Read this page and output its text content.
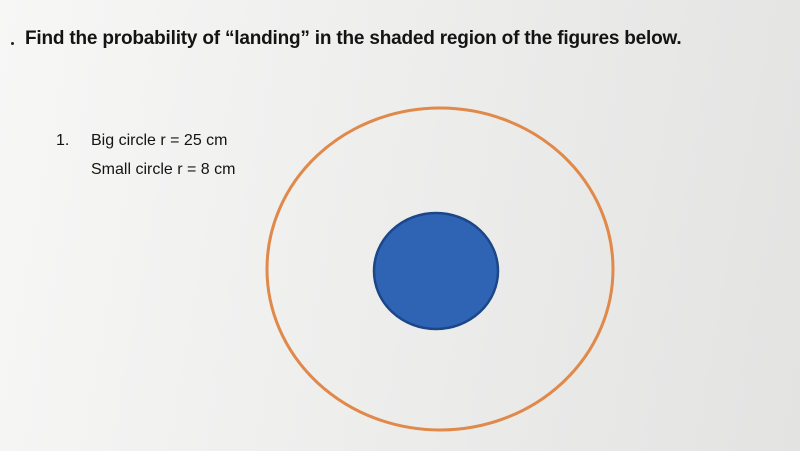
Find the probability of “landing” in the shaded region of the figures below.
1. Big circle r = 25 cm
Small circle r = 8 cm
